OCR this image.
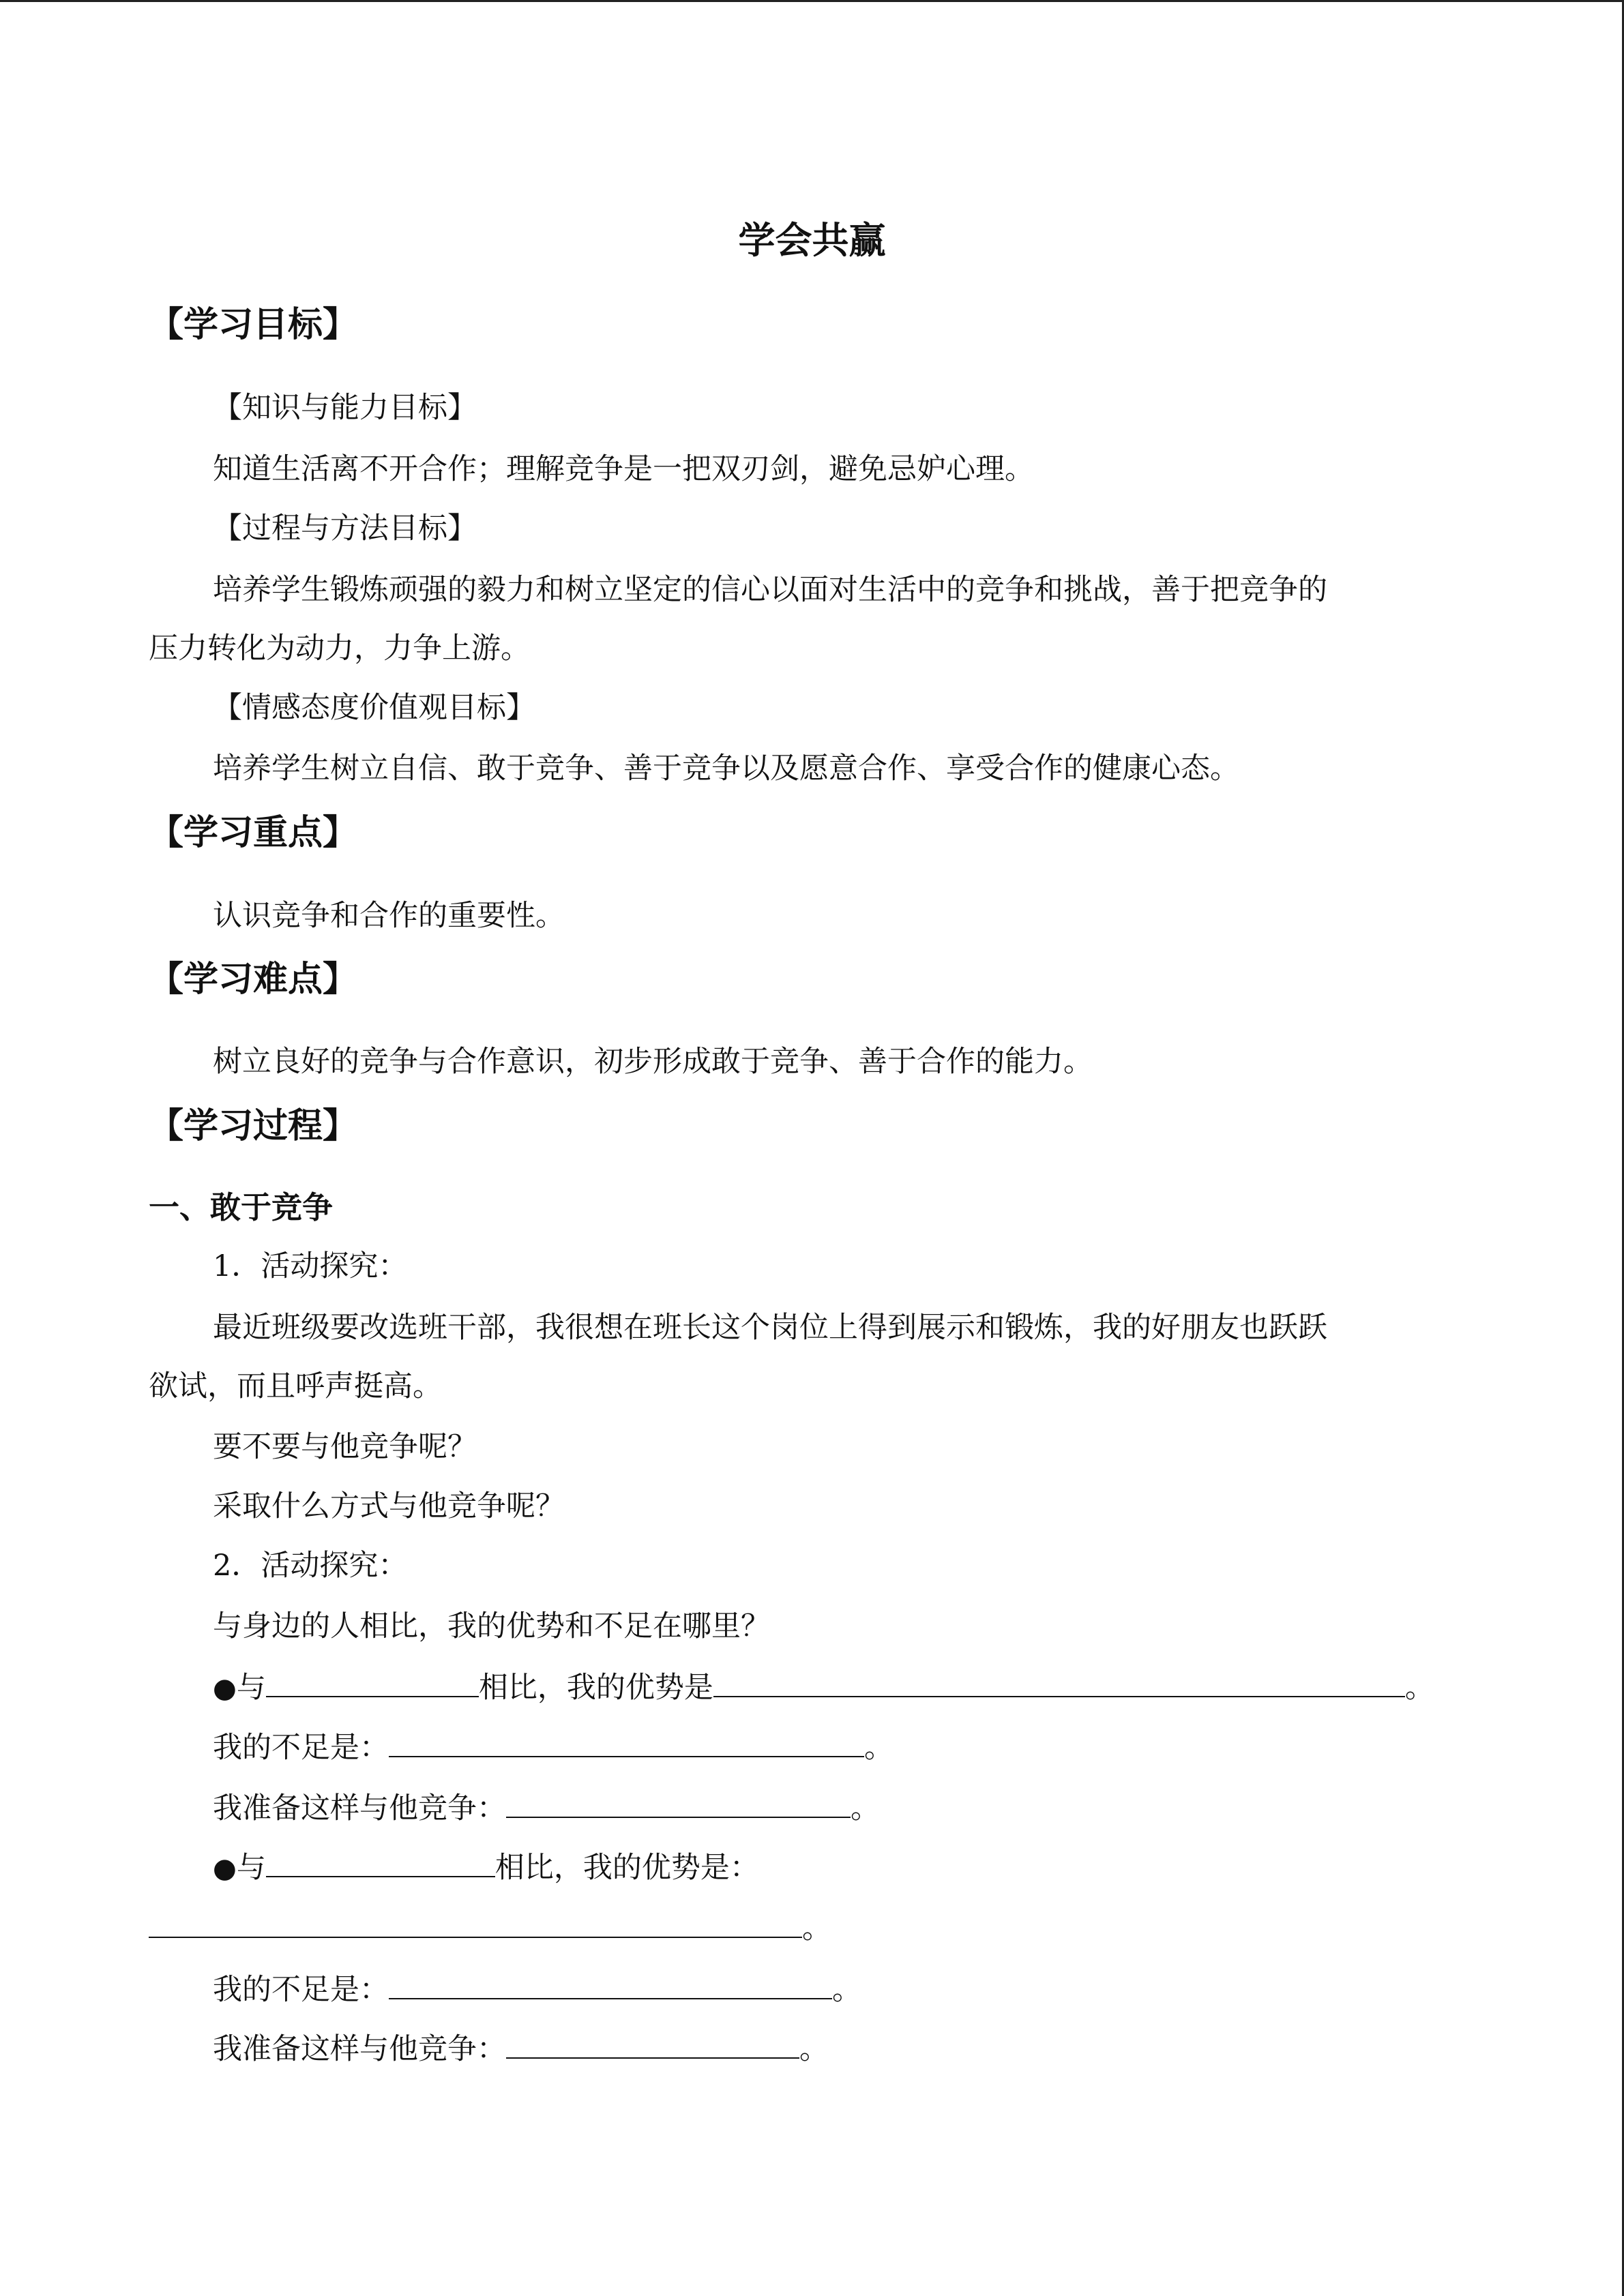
学会共赢
【学习目标】
【知识与能力目标】
知道生活离不开合作；理解竞争是一把双刃剑，避免忌妒心理。
【过程与方法目标】
培养学生锻炼顽强的毅力和树立坚定的信心以面对生活中的竞争和挑战，善于把竞争的
压力转化为动力，力争上游。
【情感态度价值观目标】
培养学生树立自信、敢于竞争、善于竞争以及愿意合作、享受合作的健康心态。
【学习重点】
认识竞争和合作的重要性。
【学习难点】
树立良好的竞争与合作意识，初步形成敢于竞争、善于合作的能力。
【学习过程】
一、敢于竞争
1．活动探究：
最近班级要改选班干部，我很想在班长这个岗位上得到展示和锻炼，我的好朋友也跃跃
欲试，而且呼声挺高。
要不要与他竞争呢？
采取什么方式与他竞争呢？
2．活动探究：
与身边的人相比，我的优势和不足在哪里？
●与	相比，我的优势是	。
我的不足是：	。
我准备这样与他竞争：	。
●与	相比，我的优势是：
。
我的不足是：	。
我准备这样与他竞争：	。
